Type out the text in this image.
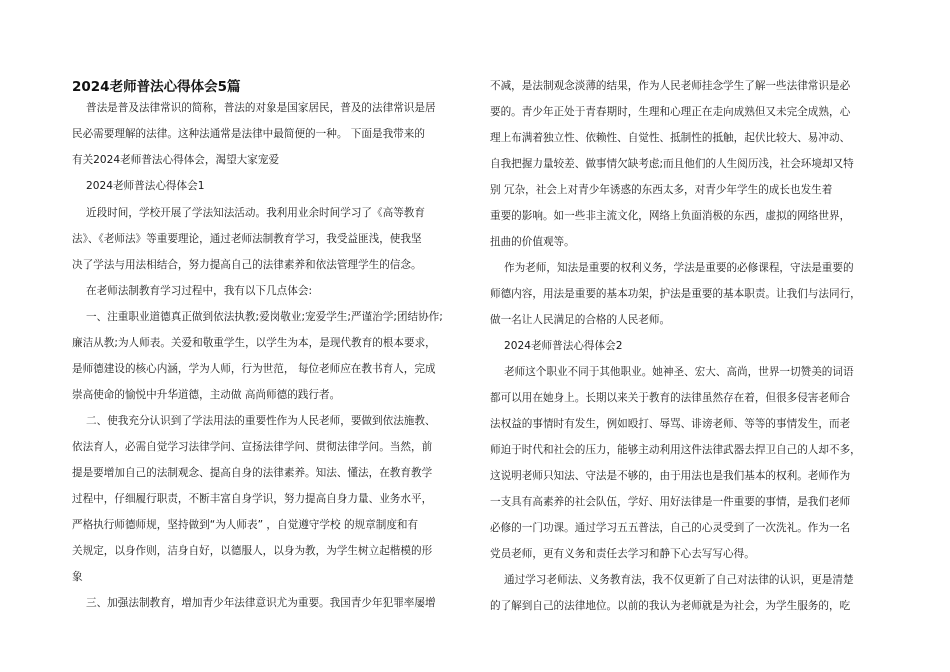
2024老师普法心得体会5篇
普法是普及法律常识的简称，普法的对象是国家居民，普及的法律常识是居
民必需要理解的法律。这种法通常是法律中最简便的一种。 下面是我带来的
有关2024老师普法心得体会，渴望大家宠爱
2024老师普法心得体会1
近段时间，学校开展了学法知法活动。我利用业余时间学习了《高等教育
法》、《老师法》等重要理论，通过老师法制教育学习，我受益匪浅，使我坚
决了学法与用法相结合，努力提高自己的法律素养和依法管理学生的信念。
在老师法制教育学习过程中，我有以下几点体会:
一、注重职业道德真正做到依法执教;爱岗敬业;宠爱学生;严谨治学;团结协作;
廉洁从教;为人师表。关爱和敬重学生，以学生为本，是现代教育的根本要求，
是师德建设的核心内涵，学为人师，行为世范， 每位老师应在教书育人，完成
崇高使命的愉悦中升华道德，主动做 高尚师德的践行者。
二、使我充分认识到了学法用法的重要性作为人民老师，要做到依法施教、
依法育人，必需自觉学习法律学问、宣扬法律学问、贯彻法律学问。当然，前
提是要增加自己的法制观念、提高自身的法律素养。知法、懂法，在教育教学
过程中，仔细履行职责，不断丰富自身学识，努力提高自身力量、业务水平，
严格执行师德师规，坚持做到“为人师表” ，自觉遵守学校 的规章制度和有
关规定，以身作则，洁身自好，以德服人，以身为教，为学生树立起楷模的形
象
三、加强法制教育，增加青少年法律意识尤为重要。我国青少年犯罪率屡增
不减，是法制观念淡薄的结果，作为人民老师挂念学生了解一些法律常识是必
要的。青少年正处于青春期时，生理和心理正在走向成熟但又未完全成熟，心
理上布满着独立性、依赖性、自觉性、抵制性的抵触，起伏比较大、易冲动、
自我把握力量较差、做事情欠缺考虑;而且他们的人生阅历浅，社会环境却又特
别 冗杂，社会上对青少年诱惑的东西太多，对青少年学生的成长也发生着
重要的影响。如一些非主流文化，网络上负面消极的东西，虚拟的网络世界，
扭曲的价值观等。
作为老师，知法是重要的权利义务，学法是重要的必修课程，守法是重要的
师德内容，用法是重要的基本功架，护法是重要的基本职责。让我们与法同行，
做一名让人民满足的合格的人民老师。
2024老师普法心得体会2
老师这个职业不同于其他职业。她神圣、宏大、高尚，世界一切赞美的词语
都可以用在她身上。长期以来关于教育的法律虽然存在着，但很多侵害老师合
法权益的事情时有发生，例如殴打、辱骂、诽谤老师、等等的事情发生，而老
师迫于时代和社会的压力，能够主动利用这件法律武器去捍卫自己的人却不多，
这说明老师只知法、守法是不够的，由于用法也是我们基本的权利。老师作为
一支具有高素养的社会队伍，学好、用好法律是一件重要的事情，是我们老师
必修的一门功课。通过学习五五普法，自己的心灵受到了一次洗礼。作为一名
党员老师，更有义务和责任去学习和静下心去写写心得。
通过学习老师法、义务教育法，我不仅更新了自己对法律的认识，更是清楚
的了解到自己的法律地位。以前的我认为老师就是为社会，为学生服务的，吃
